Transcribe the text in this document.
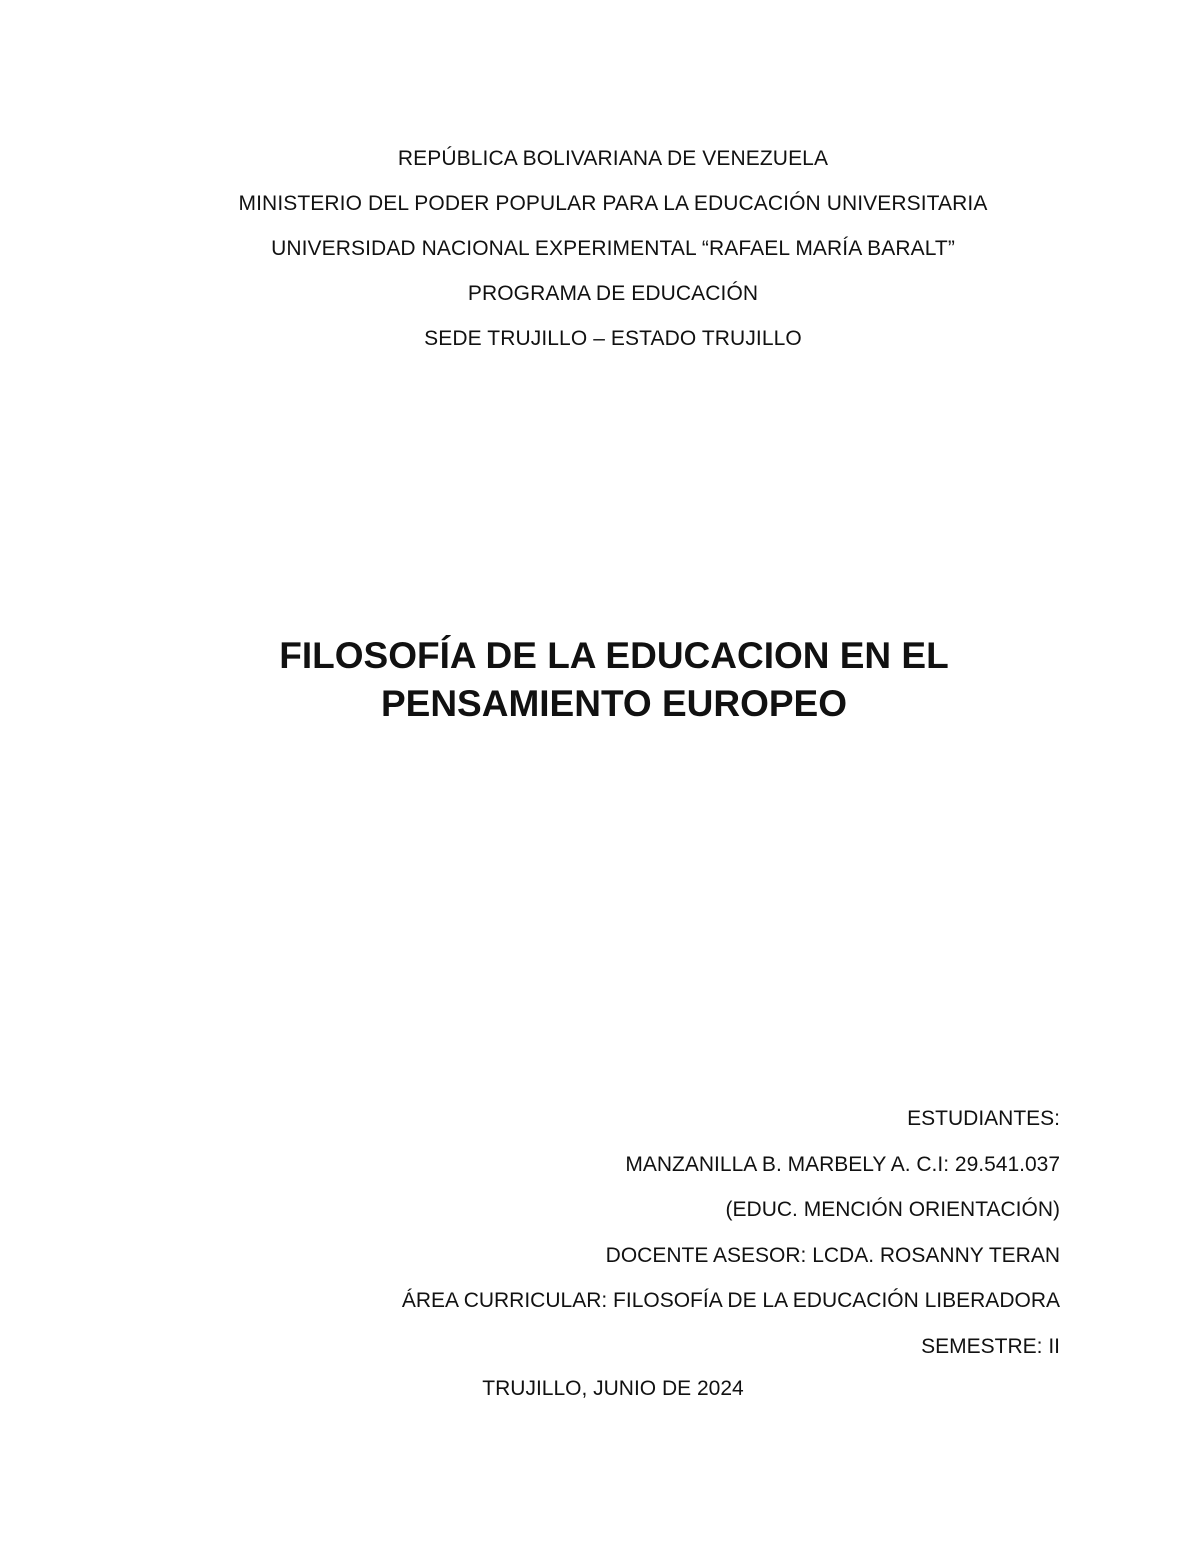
REPÚBLICA BOLIVARIANA DE VENEZUELA
MINISTERIO DEL PODER POPULAR PARA LA EDUCACIÓN UNIVERSITARIA
UNIVERSIDAD NACIONAL EXPERIMENTAL “RAFAEL MARÍA BARALT”
PROGRAMA DE EDUCACIÓN
SEDE TRUJILLO – ESTADO TRUJILLO
FILOSOFÍA DE LA EDUCACION EN EL
PENSAMIENTO EUROPEO
ESTUDIANTES:
MANZANILLA B. MARBELY A. C.I: 29.541.037
(EDUC. MENCIÓN ORIENTACIÓN)
DOCENTE ASESOR: LCDA. ROSANNY TERAN
ÁREA CURRICULAR: FILOSOFÍA DE LA EDUCACIÓN LIBERADORA
SEMESTRE: II
TRUJILLO, JUNIO DE 2024
